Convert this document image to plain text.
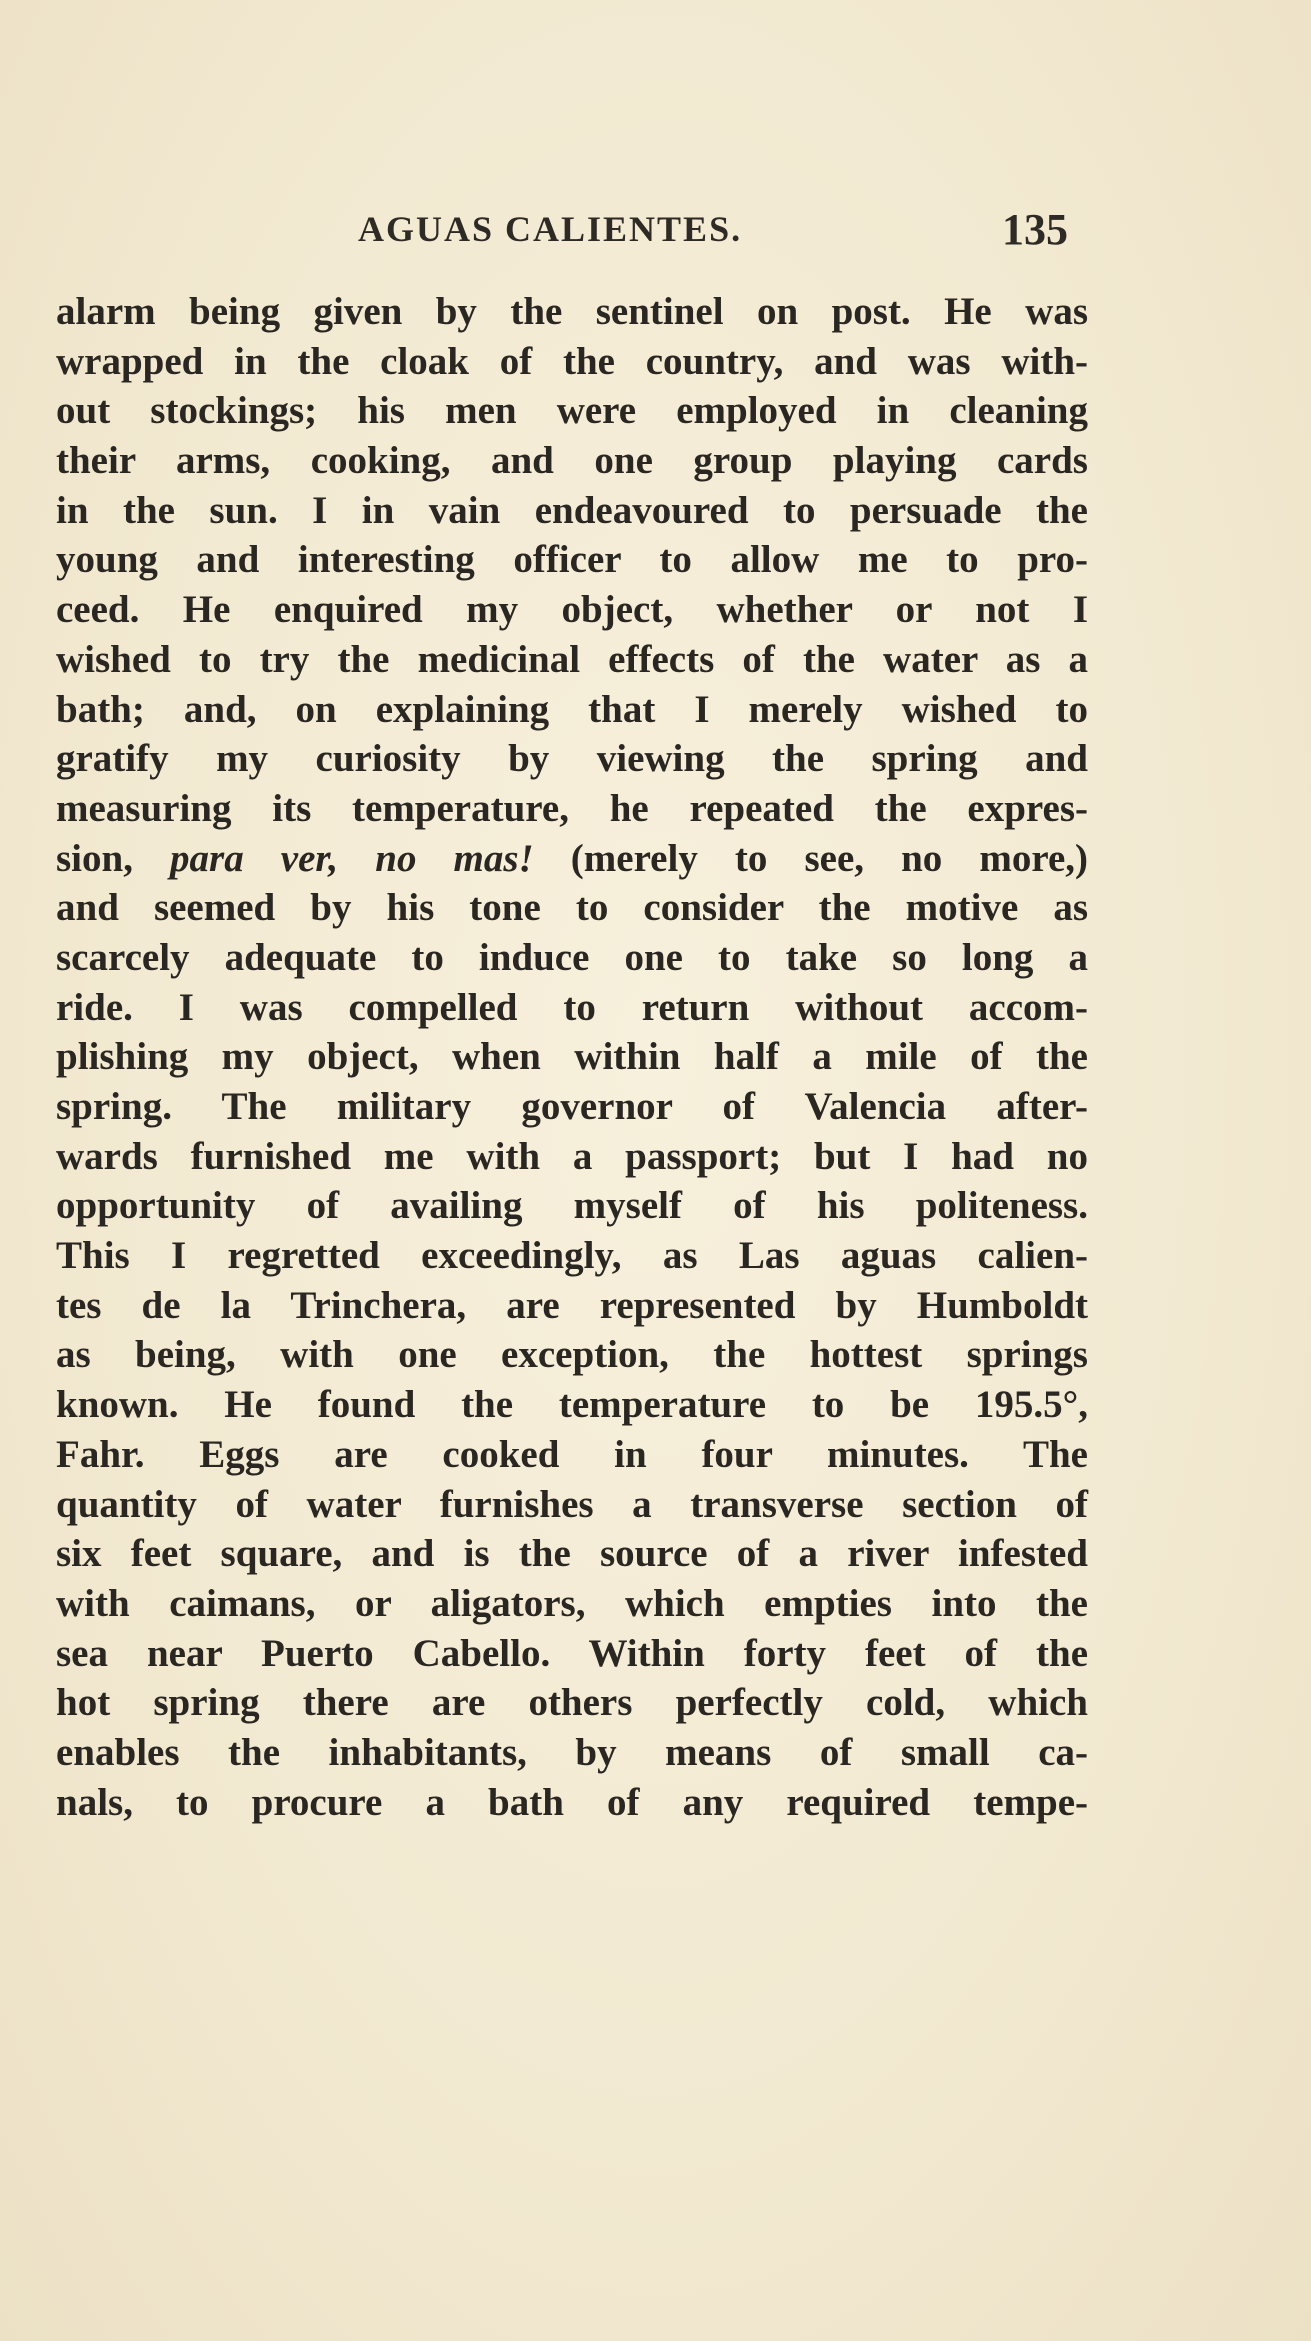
AGUAS CALIENTES.	135
alarm being given by the sentinel on post. He was
wrapped in the cloak of the country, and was with-
out stockings; his men were employed in cleaning
their arms, cooking, and one group playing cards
in the sun. I in vain endeavoured to persuade the
young and interesting officer to allow me to pro-
ceed. He enquired my object, whether or not I
wished to try the medicinal effects of the water as a
bath; and, on explaining that I merely wished to
gratify my curiosity by viewing the spring and
measuring its temperature, he repeated the expres-
sion, para ver, no mas! (merely to see, no more,)
and seemed by his tone to consider the motive as
scarcely adequate to induce one to take so long a
ride. I was compelled to return without accom-
plishing my object, when within half a mile of the
spring. The military governor of Valencia after-
wards furnished me with a passport; but I had no
opportunity of availing myself of his politeness.
This I regretted exceedingly, as Las aguas calien-
tes de la Trinchera, are represented by Humboldt
as being, with one exception, the hottest springs
known. He found the temperature to be 195.5°,
Fahr. Eggs are cooked in four minutes. The
quantity of water furnishes a transverse section of
six feet square, and is the source of a river infested
with caimans, or aligators, which empties into the
sea near Puerto Cabello. Within forty feet of the
hot spring there are others perfectly cold, which
enables the inhabitants, by means of small ca-
nals, to procure a bath of any required tempe-
